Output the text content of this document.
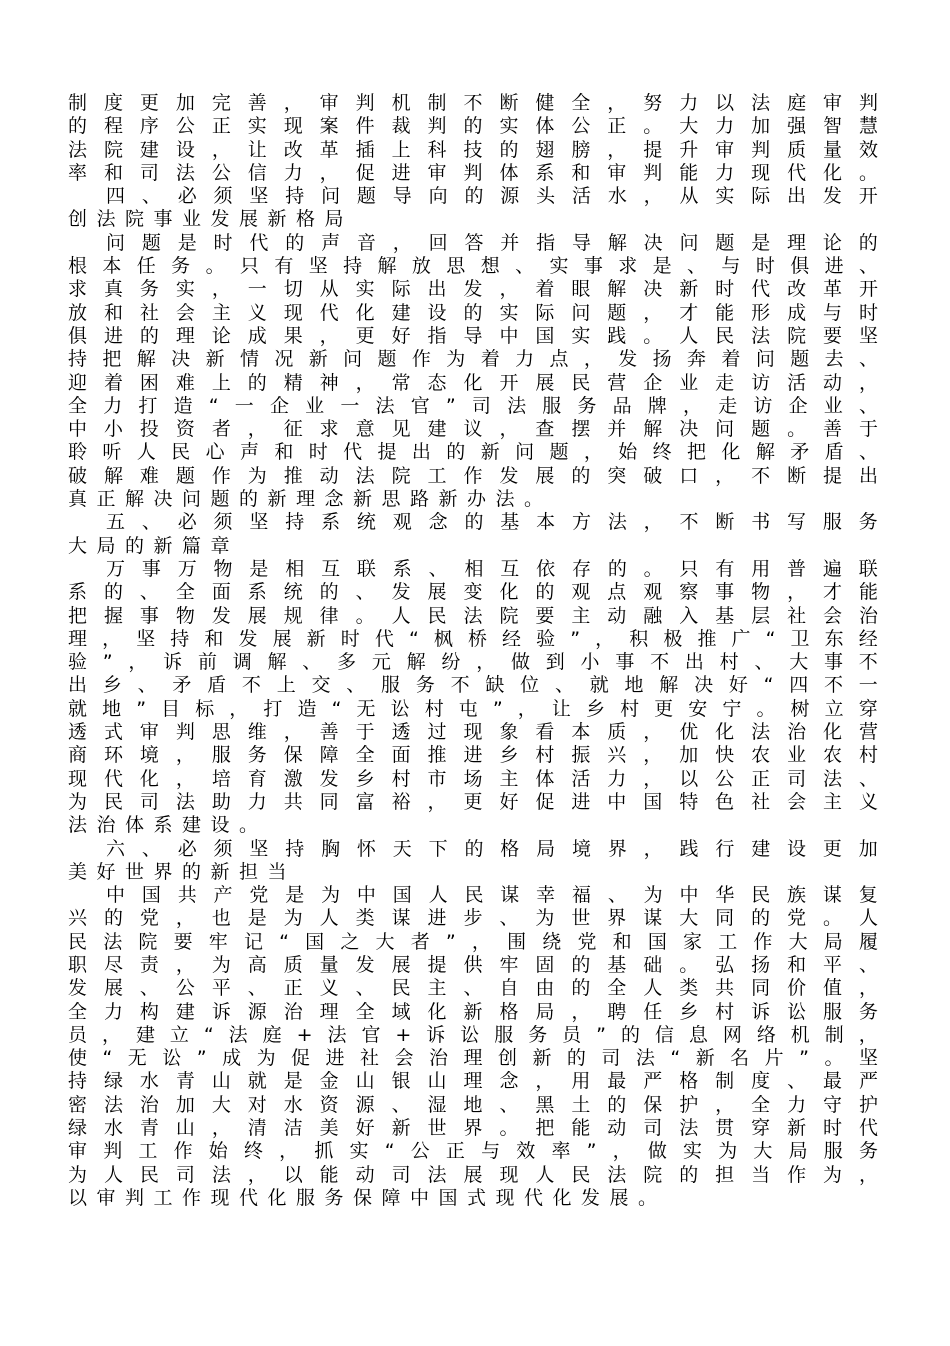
制 度 更 加 完 善 ， 审 判 机 制 不 断 健 全 ， 努 力 以 法 庭 审 判
的 程 序 公 正 实 现 案 件 裁 判 的 实 体 公 正 。 大 力 加 强 智 慧
法 院 建 设 ， 让 改 革 插 上 科 技 的 翅 膀 ， 提 升 审 判 质 量 效
率 和 司 法 公 信 力 ， 促 进 审 判 体 系 和 审 判 能 力 现 代 化 。
四 、 必 须 坚 持 问 题 导 向 的 源 头 活 水 ， 从 实 际 出 发 开
创法院事业发展新格局
问 题 是 时 代 的 声 音 ， 回 答 并 指 导 解 决 问 题 是 理 论 的
根 本 任 务 。 只 有 坚 持 解 放 思 想 、 实 事 求 是 、 与 时 俱 进 、
求 真 务 实 ， 一 切 从 实 际 出 发 ， 着 眼 解 决 新 时 代 改 革 开
放 和 社 会 主 义 现 代 化 建 设 的 实 际 问 题 ， 才 能 形 成 与 时
俱 进 的 理 论 成 果 ， 更 好 指 导 中 国 实 践 。 人 民 法 院 要 坚
持 把 解 决 新 情 况 新 问 题 作 为 着 力 点 ， 发 扬 奔 着 问 题 去 、
迎 着 困 难 上 的 精 神 ， 常 态 化 开 展 民 营 企 业 走 访 活 动 ，
全 力 打 造 “ 一 企 业 一 法 官 ” 司 法 服 务 品 牌 ， 走 访 企 业 、
中 小 投 资 者 ， 征 求 意 见 建 议 ， 查 摆 并 解 决 问 题 。 善 于
聆 听 人 民 心 声 和 时 代 提 出 的 新 问 题 ， 始 终 把 化 解 矛 盾 、
破 解 难 题 作 为 推 动 法 院 工 作 发 展 的 突 破 口 ， 不 断 提 出
真正解决问题的新理念新思路新办法。
五 、 必 须 坚 持 系 统 观 念 的 基 本 方 法 ， 不 断 书 写 服 务
大局的新篇章
万 事 万 物 是 相 互 联 系 、 相 互 依 存 的 。 只 有 用 普 遍 联
系 的 、 全 面 系 统 的 、 发 展 变 化 的 观 点 观 察 事 物 ， 才 能
把 握 事 物 发 展 规 律 。 人 民 法 院 要 主 动 融 入 基 层 社 会 治
理 ， 坚 持 和 发 展 新 时 代 “ 枫 桥 经 验 ” ， 积 极 推 广 “ 卫 东 经
验 ” ， 诉 前 调 解 、 多 元 解 纷 ， 做 到 小 事 不 出 村 、 大 事 不
出 乡 、 矛 盾 不 上 交 、 服 务 不 缺 位 、 就 地 解 决 好 “ 四 不 一
就 地 ” 目 标 ， 打 造 “ 无 讼 村 屯 ” ， 让 乡 村 更 安 宁 。 树 立 穿
透 式 审 判 思 维 ， 善 于 透 过 现 象 看 本 质 ， 优 化 法 治 化 营
商 环 境 ， 服 务 保 障 全 面 推 进 乡 村 振 兴 ， 加 快 农 业 农 村
现 代 化 ， 培 育 激 发 乡 村 市 场 主 体 活 力 ， 以 公 正 司 法 、
为 民 司 法 助 力 共 同 富 裕 ， 更 好 促 进 中 国 特 色 社 会 主 义
法治体系建设。
六 、 必 须 坚 持 胸 怀 天 下 的 格 局 境 界 ， 践 行 建 设 更 加
美好世界的新担当
中 国 共 产 党 是 为 中 国 人 民 谋 幸 福 、 为 中 华 民 族 谋 复
兴 的 党 ， 也 是 为 人 类 谋 进 步 、 为 世 界 谋 大 同 的 党 。 人
民 法 院 要 牢 记 “ 国 之 大 者 ” ， 围 绕 党 和 国 家 工 作 大 局 履
职 尽 责 ， 为 高 质 量 发 展 提 供 牢 固 的 基 础 。 弘 扬 和 平 、
发 展 、 公 平 、 正 义 、 民 主 、 自 由 的 全 人 类 共 同 价 值 ，
全 力 构 建 诉 源 治 理 全 域 化 新 格 局 ， 聘 任 乡 村 诉 讼 服 务
员 ， 建 立 “ 法 庭 + 法 官 + 诉 讼 服 务 员 ” 的 信 息 网 络 机 制 ，
使 “ 无 讼 ” 成 为 促 进 社 会 治 理 创 新 的 司 法 “ 新 名 片 ” 。 坚
持 绿 水 青 山 就 是 金 山 银 山 理 念 ， 用 最 严 格 制 度 、 最 严
密 法 治 加 大 对 水 资 源 、 湿 地 、 黑 土 的 保 护 ， 全 力 守 护
绿 水 青 山 ， 清 洁 美 好 新 世 界 。 把 能 动 司 法 贯 穿 新 时 代
审 判 工 作 始 终 ， 抓 实 “ 公 正 与 效 率 ” ， 做 实 为 大 局 服 务
为 人 民 司 法 ， 以 能 动 司 法 展 现 人 民 法 院 的 担 当 作 为 ，
以审判工作现代化服务保障中国式现代化发展。
